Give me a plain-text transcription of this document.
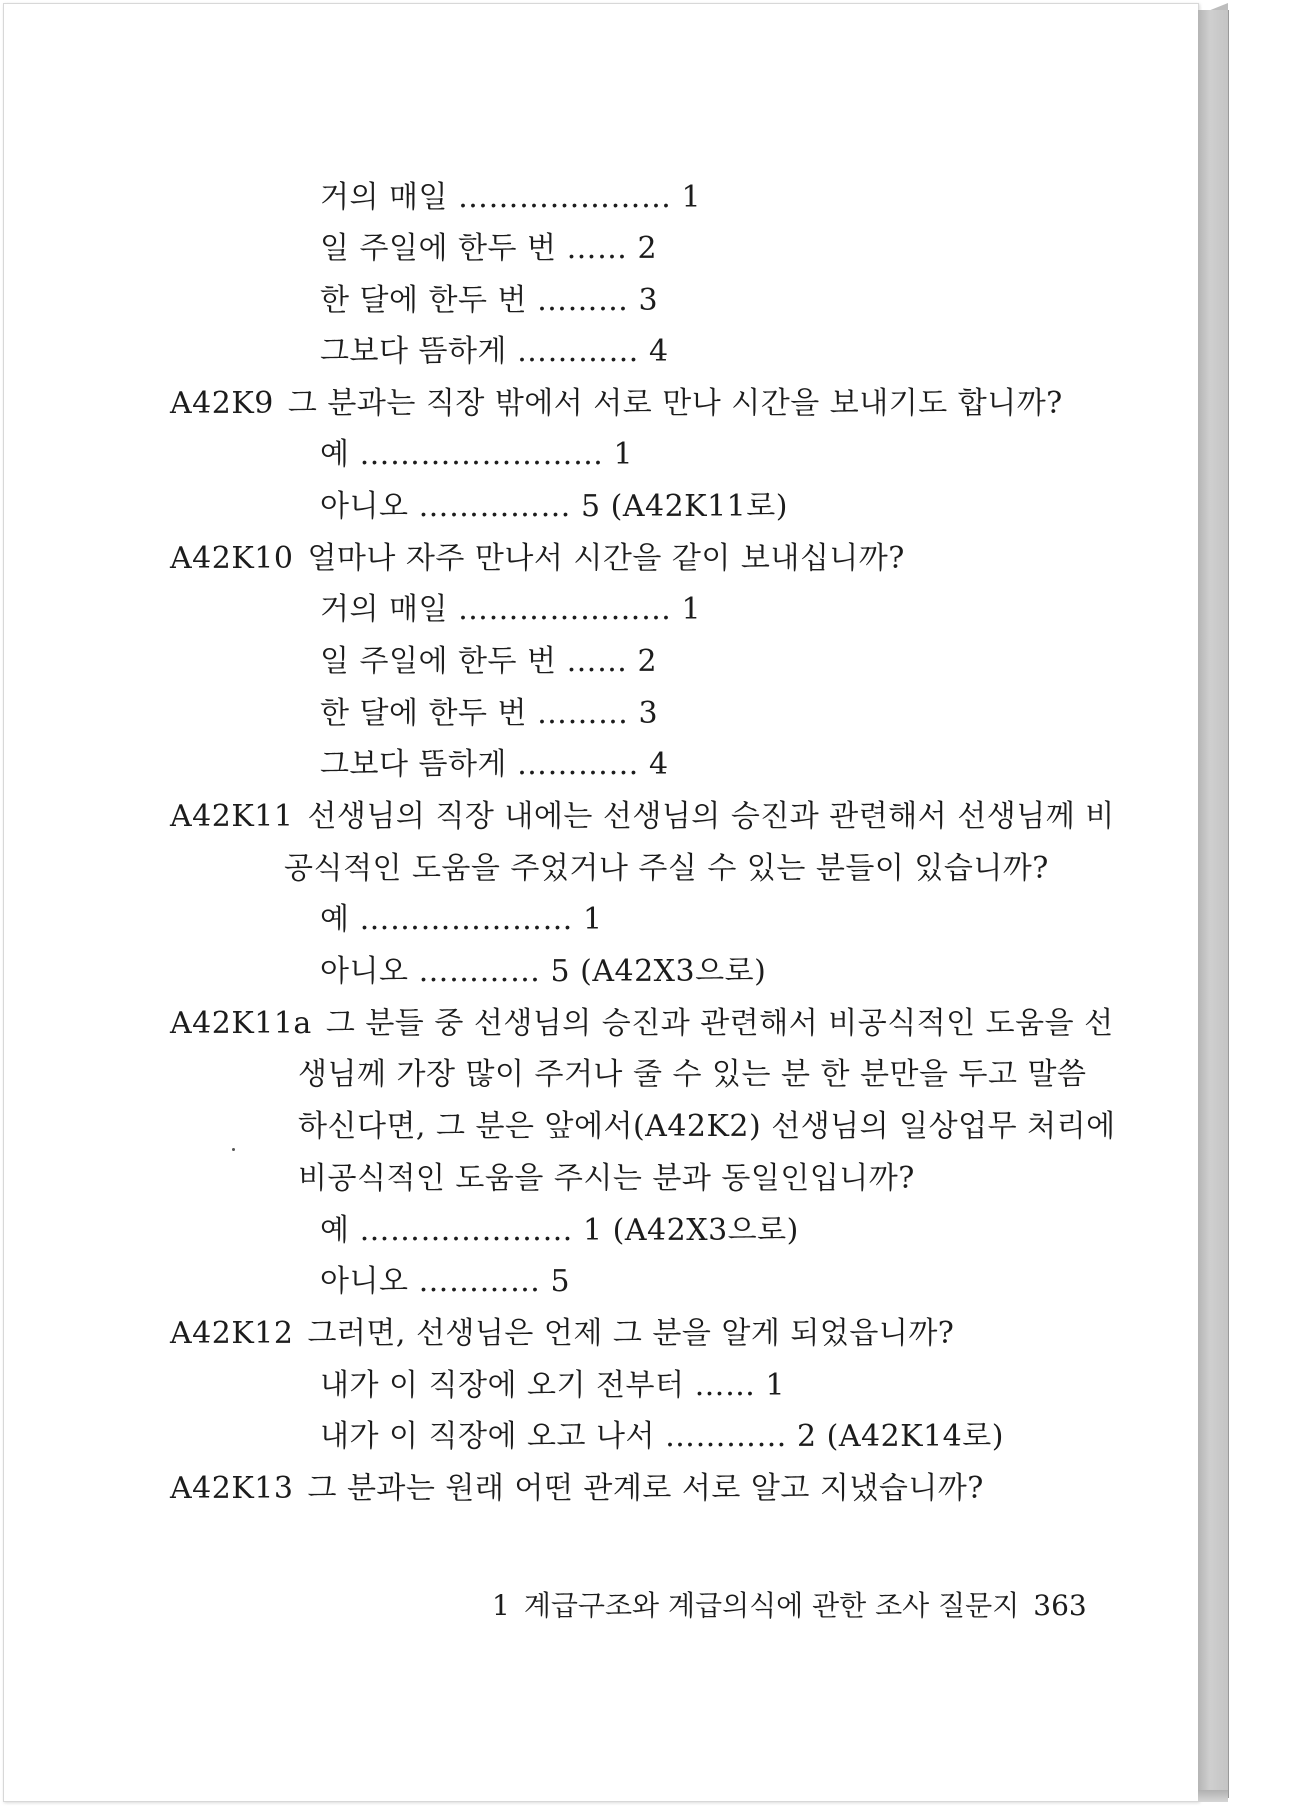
거의 매일 ………………… 1
일 주일에 한두 번 …… 2
한 달에 한두 번 ……… 3
그보다 뜸하게 ………… 4
A42K9 그 분과는 직장 밖에서 서로 만나 시간을 보내기도 합니까?
예 …………………… 1
아니오 …………… 5 (A42K11로)
A42K10 얼마나 자주 만나서 시간을 같이 보내십니까?
거의 매일 ………………… 1
일 주일에 한두 번 …… 2
한 달에 한두 번 ……… 3
그보다 뜸하게 ………… 4
A42K11 선생님의 직장 내에는 선생님의 승진과 관련해서 선생님께 비
공식적인 도움을 주었거나 주실 수 있는 분들이 있습니까?
예 ………………… 1
아니오 ………… 5 (A42X3으로)
A42K11a 그 분들 중 선생님의 승진과 관련해서 비공식적인 도움을 선
생님께 가장 많이 주거나 줄 수 있는 분 한 분만을 두고 말씀
하신다면, 그 분은 앞에서(A42K2) 선생님의 일상업무 처리에
비공식적인 도움을 주시는 분과 동일인입니까?
예 ………………… 1 (A42X3으로)
아니오 ………… 5
A42K12 그러면, 선생님은 언제 그 분을 알게 되었읍니까?
내가 이 직장에 오기 전부터 …… 1
내가 이 직장에 오고 나서 ………… 2 (A42K14로)
A42K13 그 분과는 원래 어떤 관계로 서로 알고 지냈습니까?
1 계급구조와 계급의식에 관한 조사 질문지 363
